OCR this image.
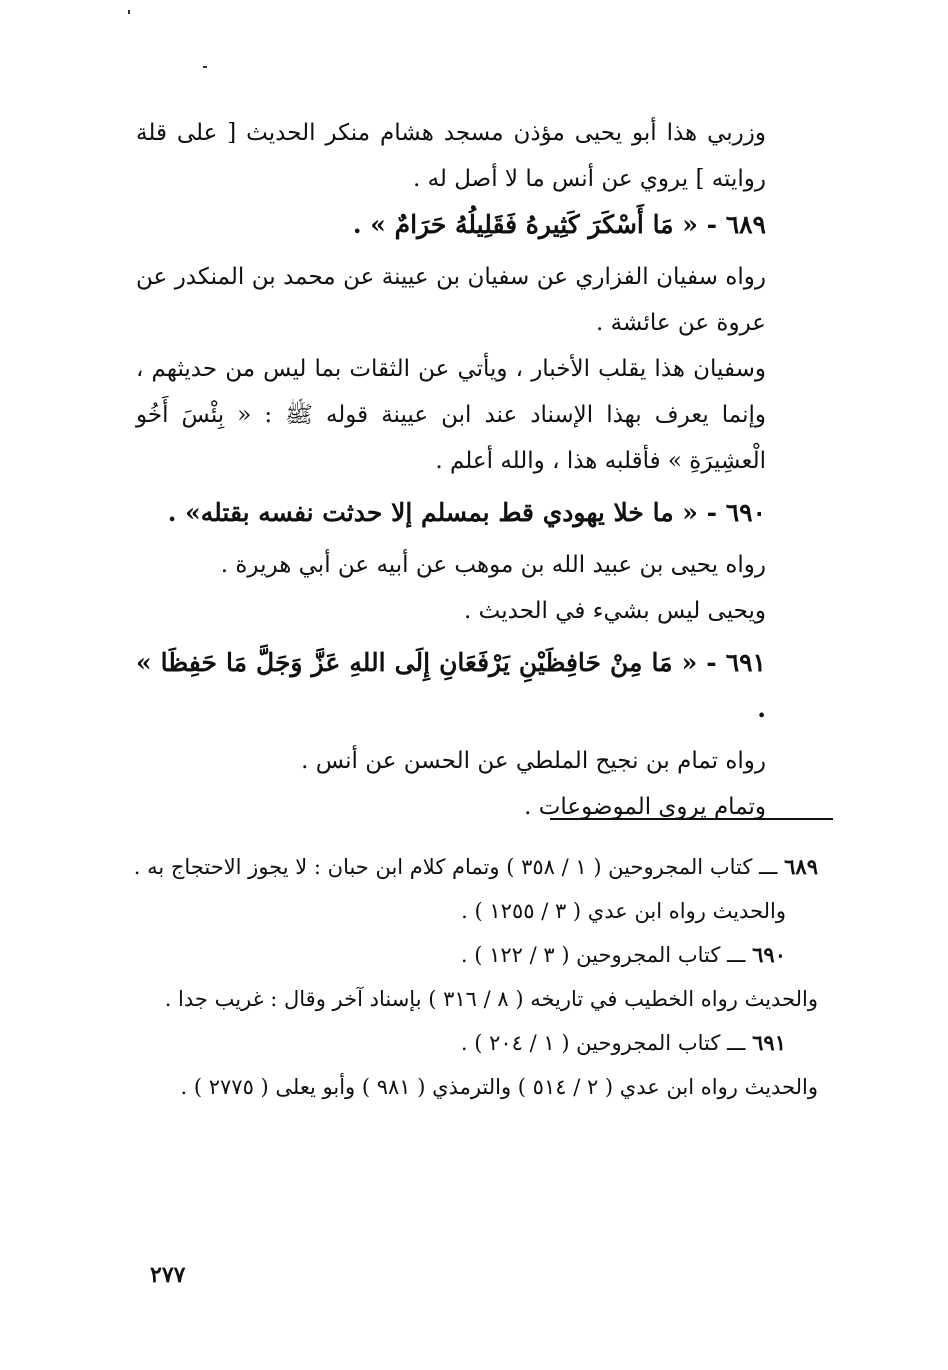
وزربي هذا أبو يحيى مؤذن مسجد هشام منكر الحديث [ على قلة روايته ] يروي عن أنس ما لا أصل له .

٦٨٩ - « مَا أَسْكَرَ كَثِيرهُ فَقَلِيلُهُ حَرَامٌ » .

رواه سفيان الفزاري عن سفيان بن عيينة عن محمد بن المنكدر عن عروة عن عائشة .

وسفيان هذا يقلب الأخبار ، ويأتي عن الثقات بما ليس من حديثهم ، وإنما يعرف بهذا الإسناد عند ابن عيينة قوله ﷺ : « بِئْسَ أَخُو الْعشِيرَةِ » فأقلبه هذا ، والله أعلم .

٦٩٠ - « ما خلا يهودي قط بمسلم إلا حدثت نفسه بقتله» .

رواه يحيى بن عبيد الله بن موهب عن أبيه عن أبي هريرة .

ويحيى ليس بشيء في الحديث .

٦٩١ - « مَا مِنْ حَافِظَيْنِ يَرْفَعَانِ إِلَى اللهِ عَزَّ وَجَلَّ مَا حَفِظَا » .

رواه تمام بن نجيح الملطي عن الحسن عن أنس .

وتمام يروي الموضوعات .

٦٨٩ ـــ كتاب المجروحين ( ١ / ٣٥٨ ) وتمام كلام ابن حبان : لا يجوز الاحتجاج به .

والحديث رواه ابن عدي ( ٣ / ١٢٥٥ ) .

٦٩٠ ـــ كتاب المجروحين ( ٣ / ١٢٢ ) .

والحديث رواه الخطيب في تاريخه ( ٨ / ٣١٦ ) بإسناد آخر وقال : غريب جدا .

٦٩١ ـــ كتاب المجروحين ( ١ / ٢٠٤ ) .

والحديث رواه ابن عدي ( ٢ / ٥١٤ ) والترمذي ( ٩٨١ ) وأبو يعلى ( ٢٧٧٥ ) .

٢٧٧
